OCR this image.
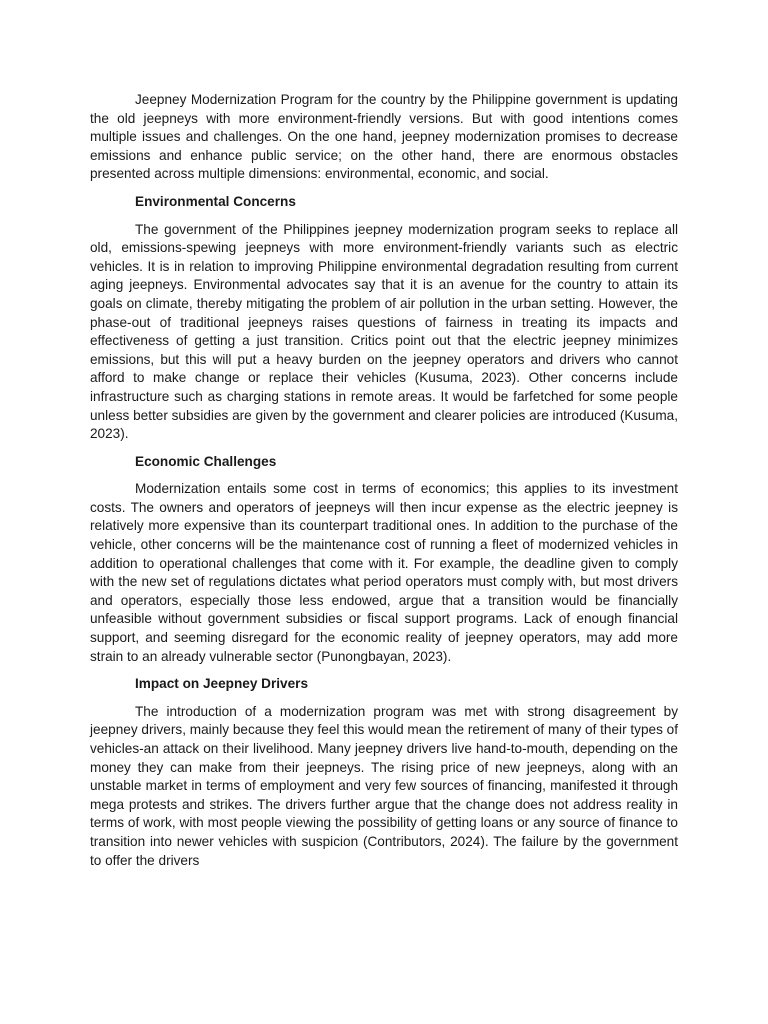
Jeepney Modernization Program for the country by the Philippine government is updating the old jeepneys with more environment-friendly versions. But with good intentions comes multiple issues and challenges. On the one hand, jeepney modernization promises to decrease emissions and enhance public service; on the other hand, there are enormous obstacles presented across multiple dimensions: environmental, economic, and social.

Environmental Concerns

The government of the Philippines jeepney modernization program seeks to replace all old, emissions-spewing jeepneys with more environment-friendly variants such as electric vehicles. It is in relation to improving Philippine environmental degradation resulting from current aging jeepneys. Environmental advocates say that it is an avenue for the country to attain its goals on climate, thereby mitigating the problem of air pollution in the urban setting. However, the phase-out of traditional jeepneys raises questions of fairness in treating its impacts and effectiveness of getting a just transition. Critics point out that the electric jeepney minimizes emissions, but this will put a heavy burden on the jeepney operators and drivers who cannot afford to make change or replace their vehicles (Kusuma, 2023). Other concerns include infrastructure such as charging stations in remote areas. It would be farfetched for some people unless better subsidies are given by the government and clearer policies are introduced (Kusuma, 2023).

Economic Challenges

Modernization entails some cost in terms of economics; this applies to its investment costs. The owners and operators of jeepneys will then incur expense as the electric jeepney is relatively more expensive than its counterpart traditional ones. In addition to the purchase of the vehicle, other concerns will be the maintenance cost of running a fleet of modernized vehicles in addition to operational challenges that come with it. For example, the deadline given to comply with the new set of regulations dictates what period operators must comply with, but most drivers and operators, especially those less endowed, argue that a transition would be financially unfeasible without government subsidies or fiscal support programs. Lack of enough financial support, and seeming disregard for the economic reality of jeepney operators, may add more strain to an already vulnerable sector (Punongbayan, 2023).

Impact on Jeepney Drivers

The introduction of a modernization program was met with strong disagreement by jeepney drivers, mainly because they feel this would mean the retirement of many of their types of vehicles-an attack on their livelihood. Many jeepney drivers live hand-to-mouth, depending on the money they can make from their jeepneys. The rising price of new jeepneys, along with an unstable market in terms of employment and very few sources of financing, manifested it through mega protests and strikes. The drivers further argue that the change does not address reality in terms of work, with most people viewing the possibility of getting loans or any source of finance to transition into newer vehicles with suspicion (Contributors, 2024). The failure by the government to offer the drivers
